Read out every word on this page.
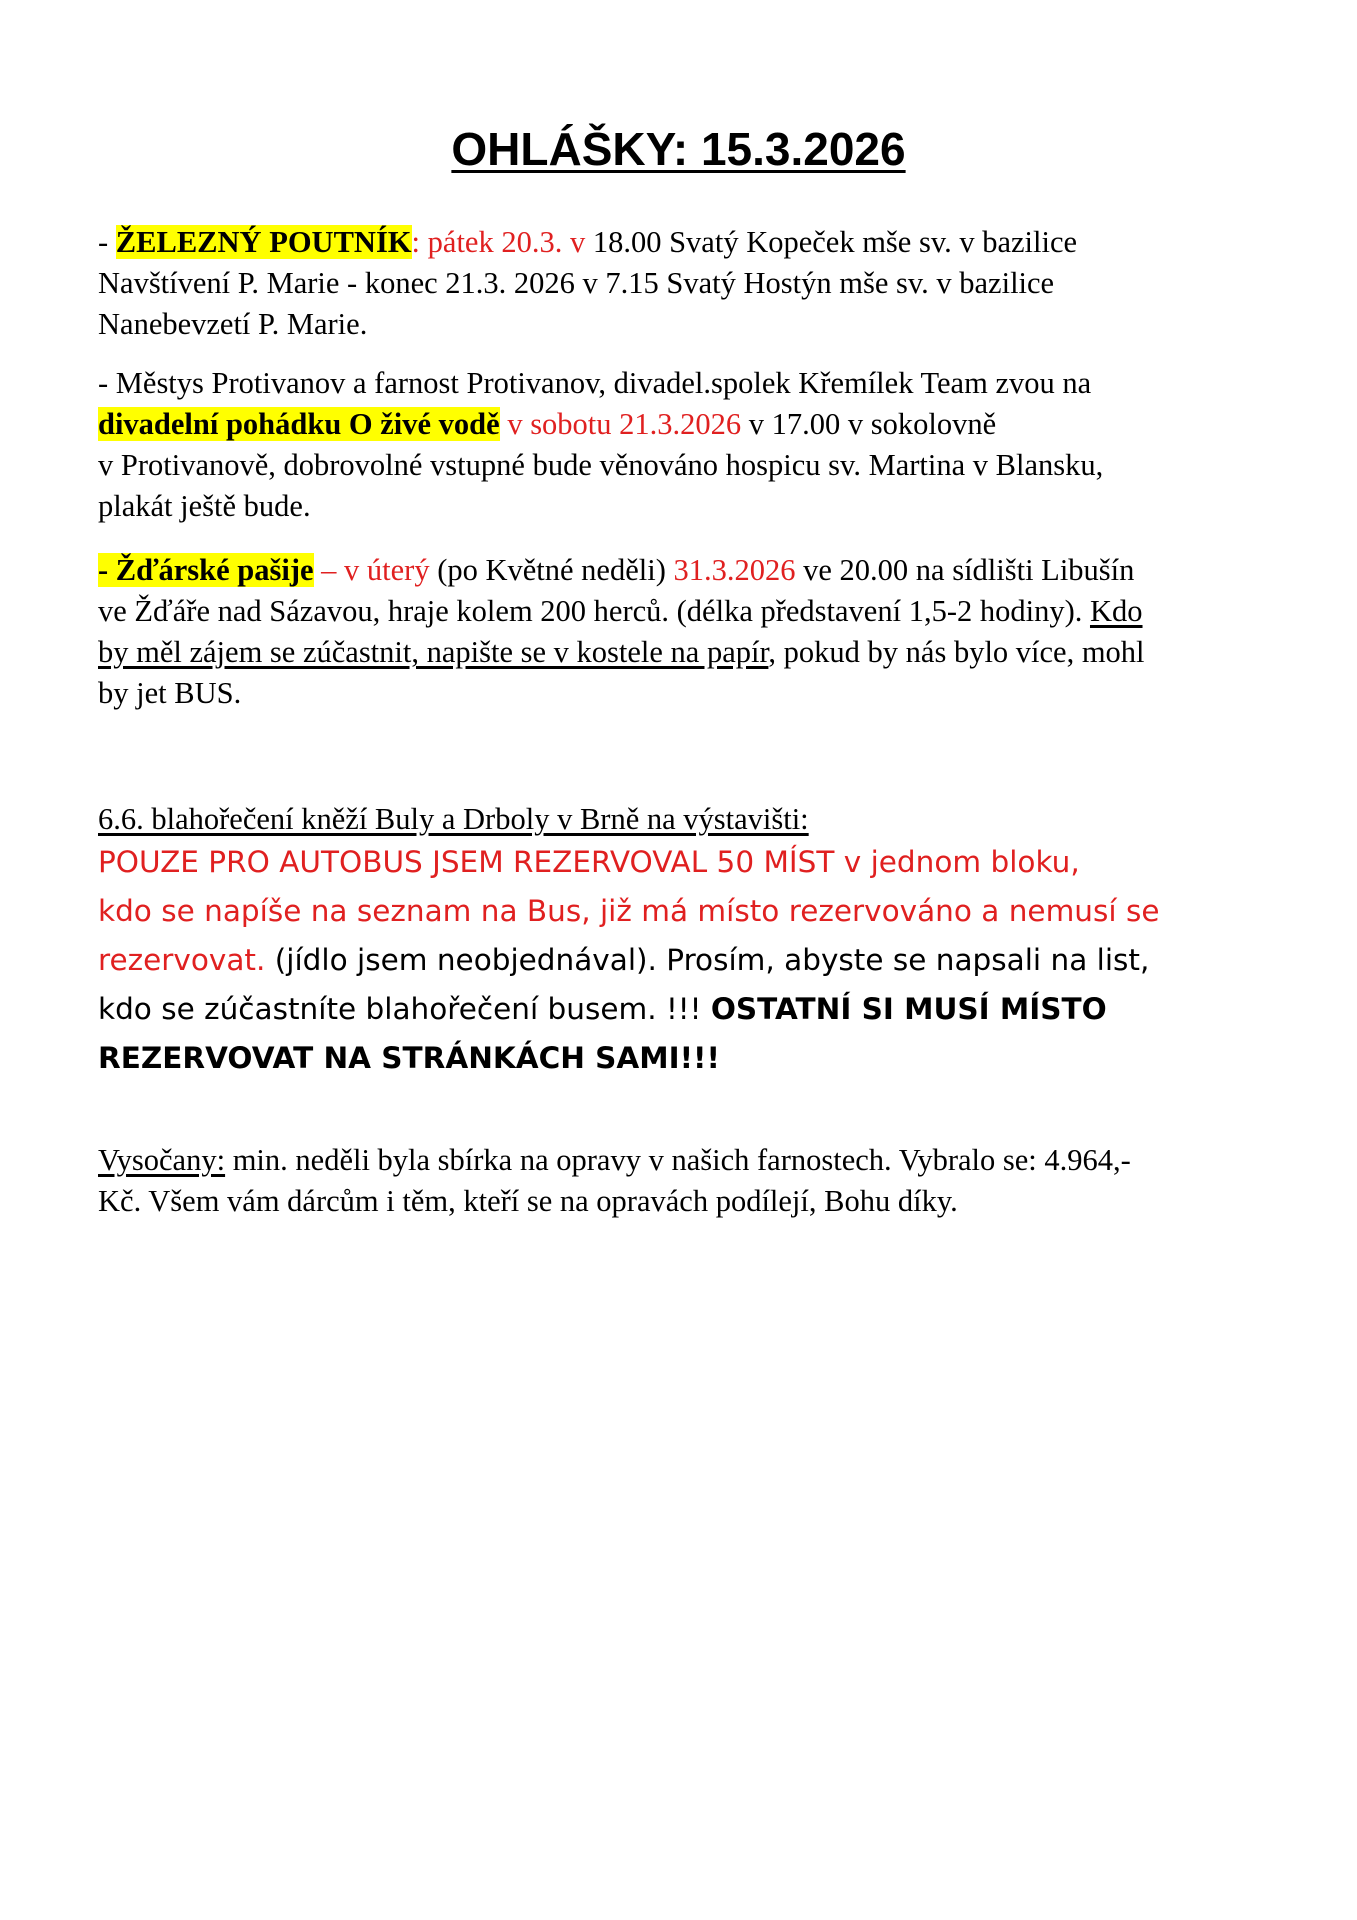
OHLÁŠKY: 15.3.2026
- ŽELEZNÝ POUTNÍK: pátek 20.3. v 18.00 Svatý Kopeček mše sv. v bazilice
Navštívení P. Marie - konec 21.3. 2026 v 7.15 Svatý Hostýn mše sv. v bazilice
Nanebevzetí P. Marie.
- Městys Protivanov a farnost Protivanov, divadel.spolek Křemílek Team zvou na
divadelní pohádku O živé vodě v sobotu 21.3.2026 v 17.00 v sokolovně
v Protivanově, dobrovolné vstupné bude věnováno hospicu sv. Martina v Blansku,
plakát ještě bude.
- Žďárské pašije – v úterý (po Květné neděli) 31.3.2026 ve 20.00 na sídlišti Libušín
ve Žďáře nad Sázavou, hraje kolem 200 herců. (délka představení 1,5-2 hodiny). Kdo
by měl zájem se zúčastnit, napište se v kostele na papír, pokud by nás bylo více, mohl
by jet BUS.
6.6. blahořečení kněží Buly a Drboly v Brně na výstavišti:
POUZE PRO AUTOBUS JSEM REZERVOVAL 50 MÍST v jednom bloku,
kdo se napíše na seznam na Bus, již má místo rezervováno a nemusí se
rezervovat. (jídlo jsem neobjednával). Prosím, abyste se napsali na list,
kdo se zúčastníte blahořečení busem. !!! OSTATNÍ SI MUSÍ MÍSTO
REZERVOVAT NA STRÁNKÁCH SAMI!!!
Vysočany: min. neděli byla sbírka na opravy v našich farnostech. Vybralo se: 4.964,-
Kč. Všem vám dárcům i těm, kteří se na opravách podílejí, Bohu díky.
